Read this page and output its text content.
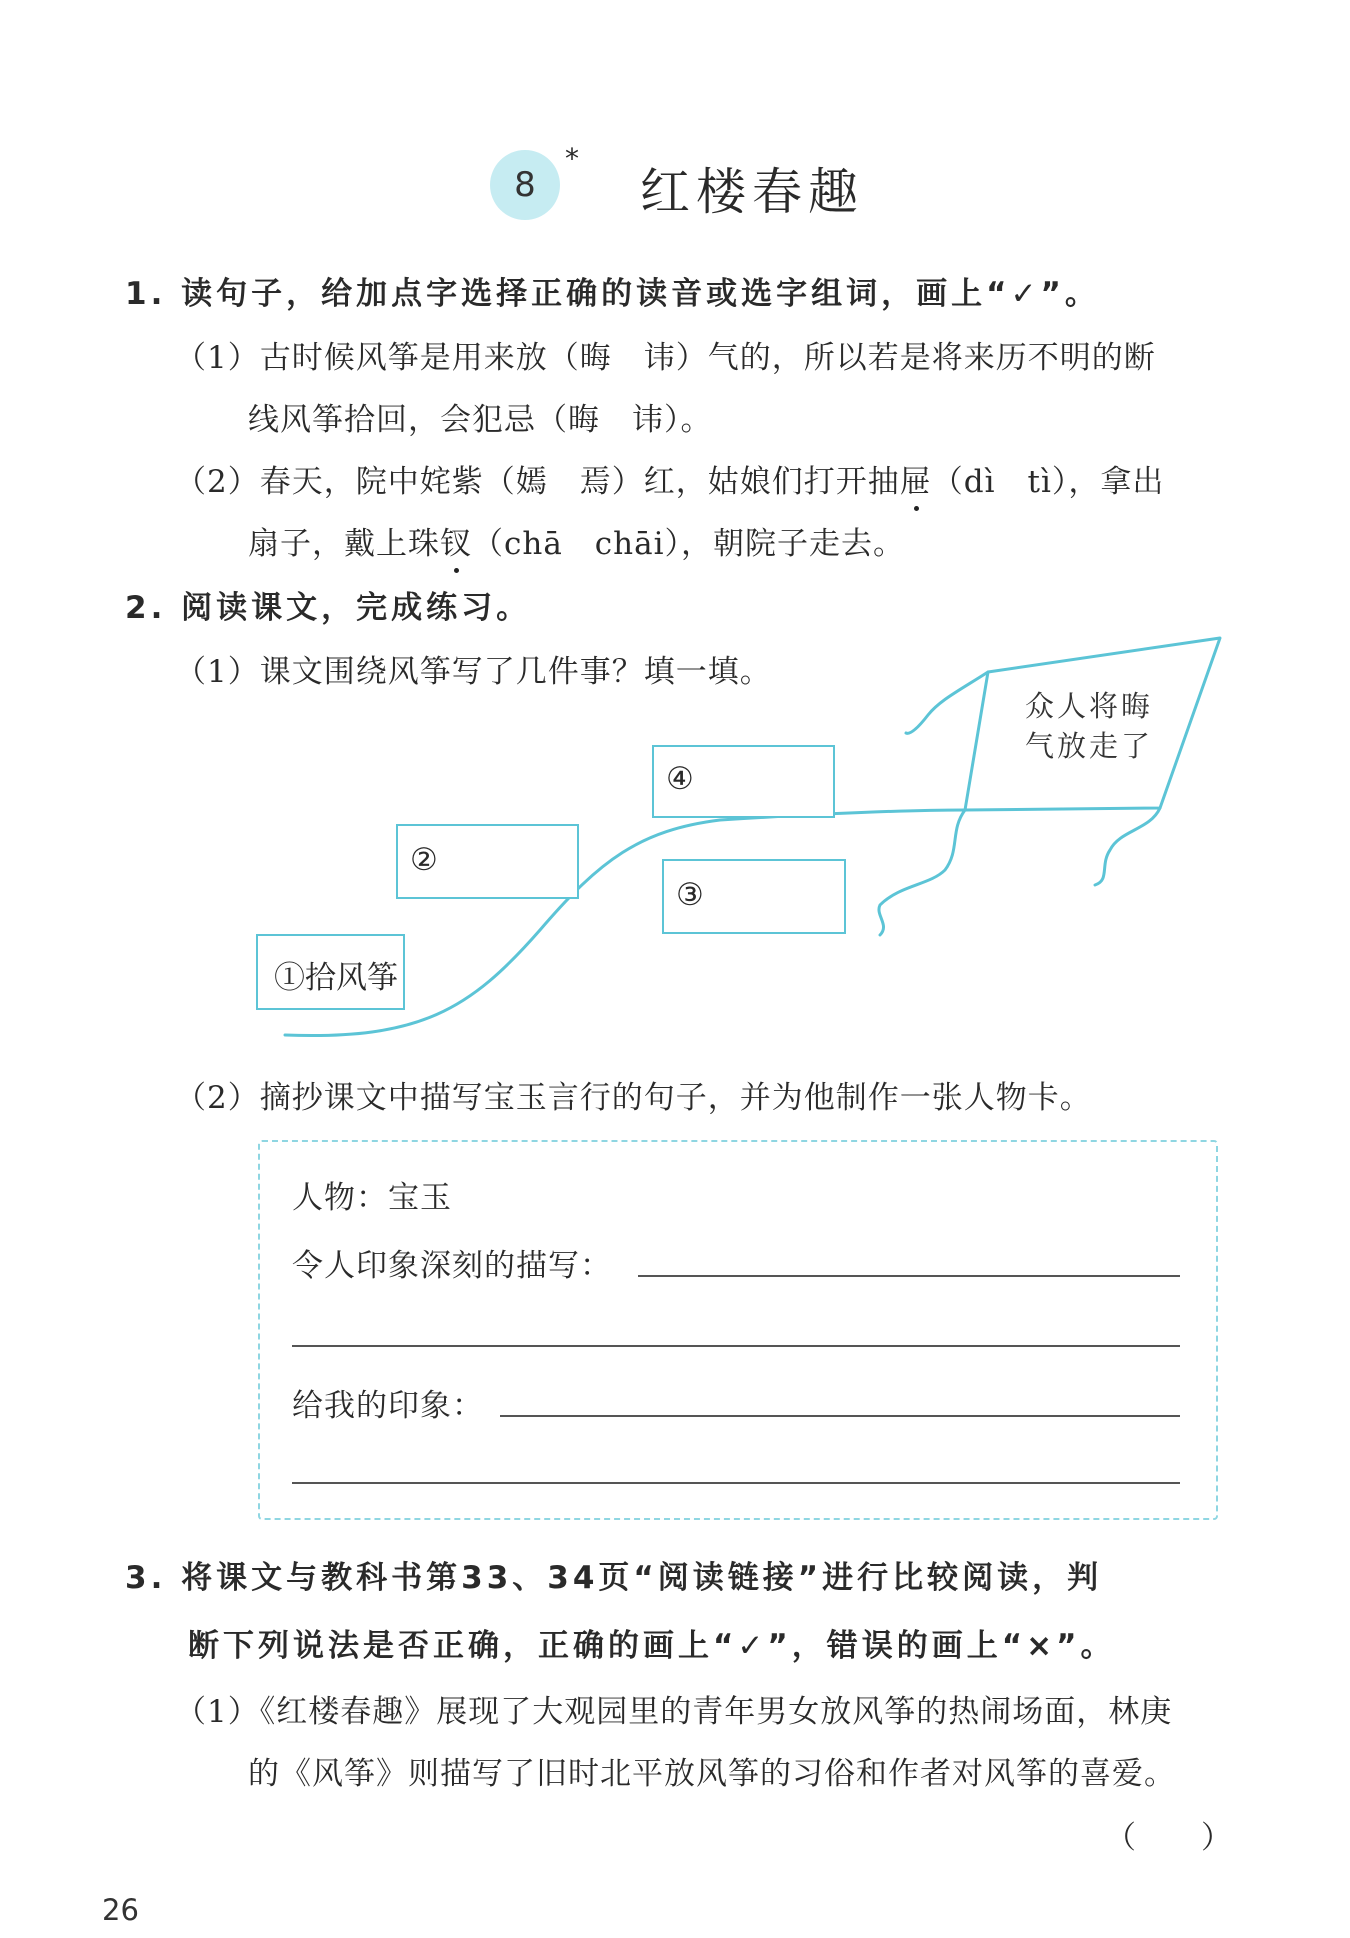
8
*
红楼春趣
1. 读句子，给加点字选择正确的读音或选字组词，画上“✓”。
（1）古时候风筝是用来放（晦　讳）气的，所以若是将来历不明的断
线风筝拾回，会犯忌（晦　讳）。
（2）春天，院中姹紫（嫣　焉）红，姑娘们打开抽屉（dì　tì），拿出
扇子，戴上珠钗（chā　chāi），朝院子走去。
2. 阅读课文，完成练习。
（1）课文围绕风筝写了几件事？填一填。
④
②
③
①拾风筝
众人将晦
气放走了
（2）摘抄课文中描写宝玉言行的句子，并为他制作一张人物卡。
人物：宝玉
令人印象深刻的描写：
给我的印象：
3. 将课文与教科书第33、34页“阅读链接”进行比较阅读，判
断下列说法是否正确，正确的画上“✓”，错误的画上“×”。
（1）《红楼春趣》展现了大观园里的青年男女放风筝的热闹场面，林庚
的《风筝》则描写了旧时北平放风筝的习俗和作者对风筝的喜爱。
（　　）
26
